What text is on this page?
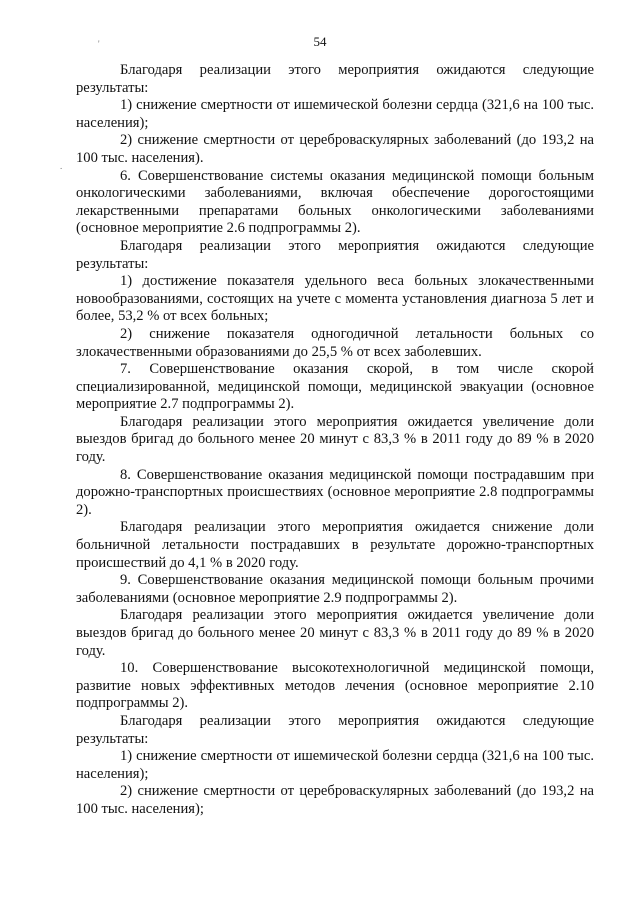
'
.
54

Благодаря реализации этого мероприятия ожидаются следующие результаты:

1) снижение смертности от ишемической болезни сердца (321,6 на 100 тыс. населения);

2) снижение смертности от цереброваскулярных заболеваний (до 193,2 на 100 тыс. населения).

6. Совершенствование системы оказания медицинской помощи больным онкологическими заболеваниями, включая обеспечение дорогостоящими лекарственными препаратами больных онкологическими заболеваниями (основное мероприятие 2.6 подпрограммы 2).

Благодаря реализации этого мероприятия ожидаются следующие результаты:

1) достижение показателя удельного веса больных злокачественными новообразованиями, состоящих на учете с момента установления диагноза 5 лет и более, 53,2 % от всех больных;

2) снижение показателя одногодичной летальности больных со злокачественными образованиями до 25,5 % от всех заболевших.

7. Совершенствование оказания скорой, в том числе скорой специализированной, медицинской помощи, медицинской эвакуации (основное мероприятие 2.7 подпрограммы 2).

Благодаря реализации этого мероприятия ожидается увеличение доли выездов бригад до больного менее 20 минут с 83,3 % в 2011 году до 89 % в 2020 году.

8. Совершенствование оказания медицинской помощи пострадавшим при дорожно-транспортных происшествиях (основное мероприятие 2.8 подпрограммы 2).

Благодаря реализации этого мероприятия ожидается снижение доли больничной летальности пострадавших в результате дорожно-транспортных происшествий до 4,1 % в 2020 году.

9. Совершенствование оказания медицинской помощи больным прочими заболеваниями (основное мероприятие 2.9 подпрограммы 2).

Благодаря реализации этого мероприятия ожидается увеличение доли выездов бригад до больного менее 20 минут с 83,3 % в 2011 году до 89 % в 2020 году.

10. Совершенствование высокотехнологичной медицинской помощи, развитие новых эффективных методов лечения (основное мероприятие 2.10 подпрограммы 2).

Благодаря реализации этого мероприятия ожидаются следующие результаты:

1) снижение смертности от ишемической болезни сердца (321,6 на 100 тыс. населения);

2) снижение смертности от цереброваскулярных заболеваний (до 193,2 на 100 тыс. населения);
